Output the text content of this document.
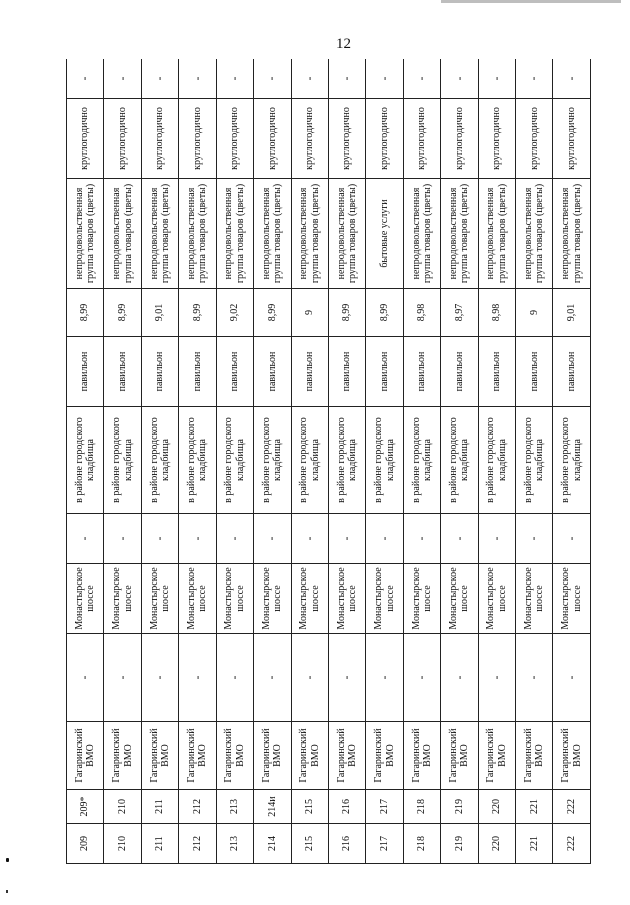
12
209	209*	Гагаринский ВМО	-	Монастырское шоссе	-	в районе городского кладбища	павильон	8,99	непродовольственная группа товаров (цветы)	круглогодично	-
210	210	Гагаринский ВМО	-	Монастырское шоссе	-	в районе городского кладбища	павильон	8,99	непродовольственная группа товаров (цветы)	круглогодично	-
211	211	Гагаринский ВМО	-	Монастырское шоссе	-	в районе городского кладбища	павильон	9,01	непродовольственная группа товаров (цветы)	круглогодично	-
212	212	Гагаринский ВМО	-	Монастырское шоссе	-	в районе городского кладбища	павильон	8,99	непродовольственная группа товаров (цветы)	круглогодично	-
213	213	Гагаринский ВМО	-	Монастырское шоссе	-	в районе городского кладбища	павильон	9,02	непродовольственная группа товаров (цветы)	круглогодично	-
214	214и	Гагаринский ВМО	-	Монастырское шоссе	-	в районе городского кладбища	павильон	8,99	непродовольственная группа товаров (цветы)	круглогодично	-
215	215	Гагаринский ВМО	-	Монастырское шоссе	-	в районе городского кладбища	павильон	9	непродовольственная группа товаров (цветы)	круглогодично	-
216	216	Гагаринский ВМО	-	Монастырское шоссе	-	в районе городского кладбища	павильон	8,99	непродовольственная группа товаров (цветы)	круглогодично	-
217	217	Гагаринский ВМО	-	Монастырское шоссе	-	в районе городского кладбища	павильон	8,99	бытовые услуги	круглогодично	-
218	218	Гагаринский ВМО	-	Монастырское шоссе	-	в районе городского кладбища	павильон	8,98	непродовольственная группа товаров (цветы)	круглогодично	-
219	219	Гагаринский ВМО	-	Монастырское шоссе	-	в районе городского кладбища	павильон	8,97	непродовольственная группа товаров (цветы)	круглогодично	-
220	220	Гагаринский ВМО	-	Монастырское шоссе	-	в районе городского кладбища	павильон	8,98	непродовольственная группа товаров (цветы)	круглогодично	-
221	221	Гагаринский ВМО	-	Монастырское шоссе	-	в районе городского кладбища	павильон	9	непродовольственная группа товаров (цветы)	круглогодично	-
222	222	Гагаринский ВМО	-	Монастырское шоссе	-	в районе городского кладбища	павильон	9,01	непродовольственная группа товаров (цветы)	круглогодично	-
